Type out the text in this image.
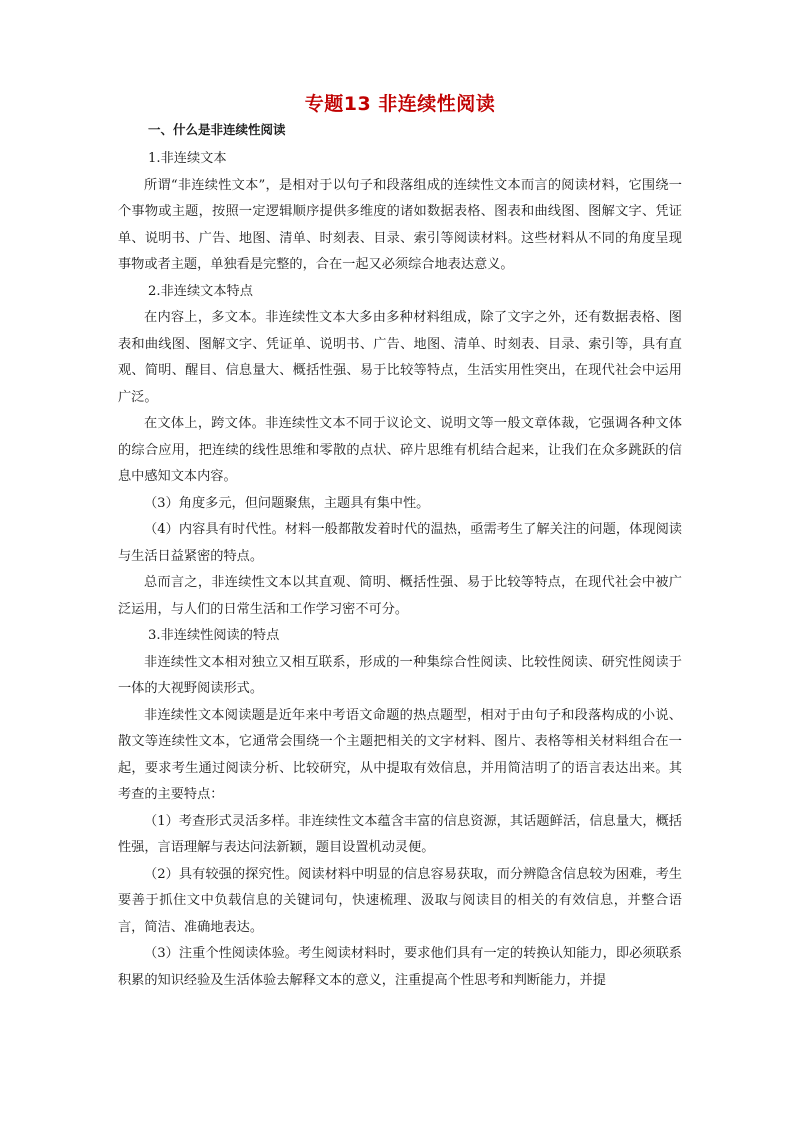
专题13 非连续性阅读
一、什么是非连续性阅读

1.非连续文本

所谓“非连续性文本”，是相对于以句子和段落组成的连续性文本而言的阅读材料，它围绕一个事物或主题，按照一定逻辑顺序提供多维度的诸如数据表格、图表和曲线图、图解文字、凭证单、说明书、广告、地图、清单、时刻表、目录、索引等阅读材料。这些材料从不同的角度呈现事物或者主题，单独看是完整的，合在一起又必须综合地表达意义。

2.非连续文本特点

在内容上，多文本。非连续性文本大多由多种材料组成，除了文字之外，还有数据表格、图表和曲线图、图解文字、凭证单、说明书、广告、地图、清单、时刻表、目录、索引等，具有直观、简明、醒目、信息量大、概括性强、易于比较等特点，生活实用性突出，在现代社会中运用广泛。

在文体上，跨文体。非连续性文本不同于议论文、说明文等一般文章体裁，它强调各种文体的综合应用，把连续的线性思维和零散的点状、碎片思维有机结合起来，让我们在众多跳跃的信息中感知文本内容。

（3）角度多元，但问题聚焦，主题具有集中性。

（4）内容具有时代性。材料一般都散发着时代的温热，亟需考生了解关注的问题，体现阅读与生活日益紧密的特点。

总而言之，非连续性文本以其直观、简明、概括性强、易于比较等特点，在现代社会中被广泛运用，与人们的日常生活和工作学习密不可分。

3.非连续性阅读的特点

非连续性文本相对独立又相互联系，形成的一种集综合性阅读、比较性阅读、研究性阅读于一体的大视野阅读形式。

非连续性文本阅读题是近年来中考语文命题的热点题型，相对于由句子和段落构成的小说、散文等连续性文本，它通常会围绕一个主题把相关的文字材料、图片、表格等相关材料组合在一起，要求考生通过阅读分析、比较研究，从中提取有效信息，并用简洁明了的语言表达出来。其考查的主要特点：

（1）考查形式灵活多样。非连续性文本蕴含丰富的信息资源，其话题鲜活，信息量大，概括性强，言语理解与表达问法新颖，题目设置机动灵便。

（2）具有较强的探究性。阅读材料中明显的信息容易获取，而分辨隐含信息较为困难，考生要善于抓住文中负载信息的关键词句，快速梳理、汲取与阅读目的相关的有效信息，并整合语言，简洁、准确地表达。

（3）注重个性阅读体验。考生阅读材料时，要求他们具有一定的转换认知能力，即必须联系积累的知识经验及生活体验去解释文本的意义，注重提高个性思考和判断能力，并提
